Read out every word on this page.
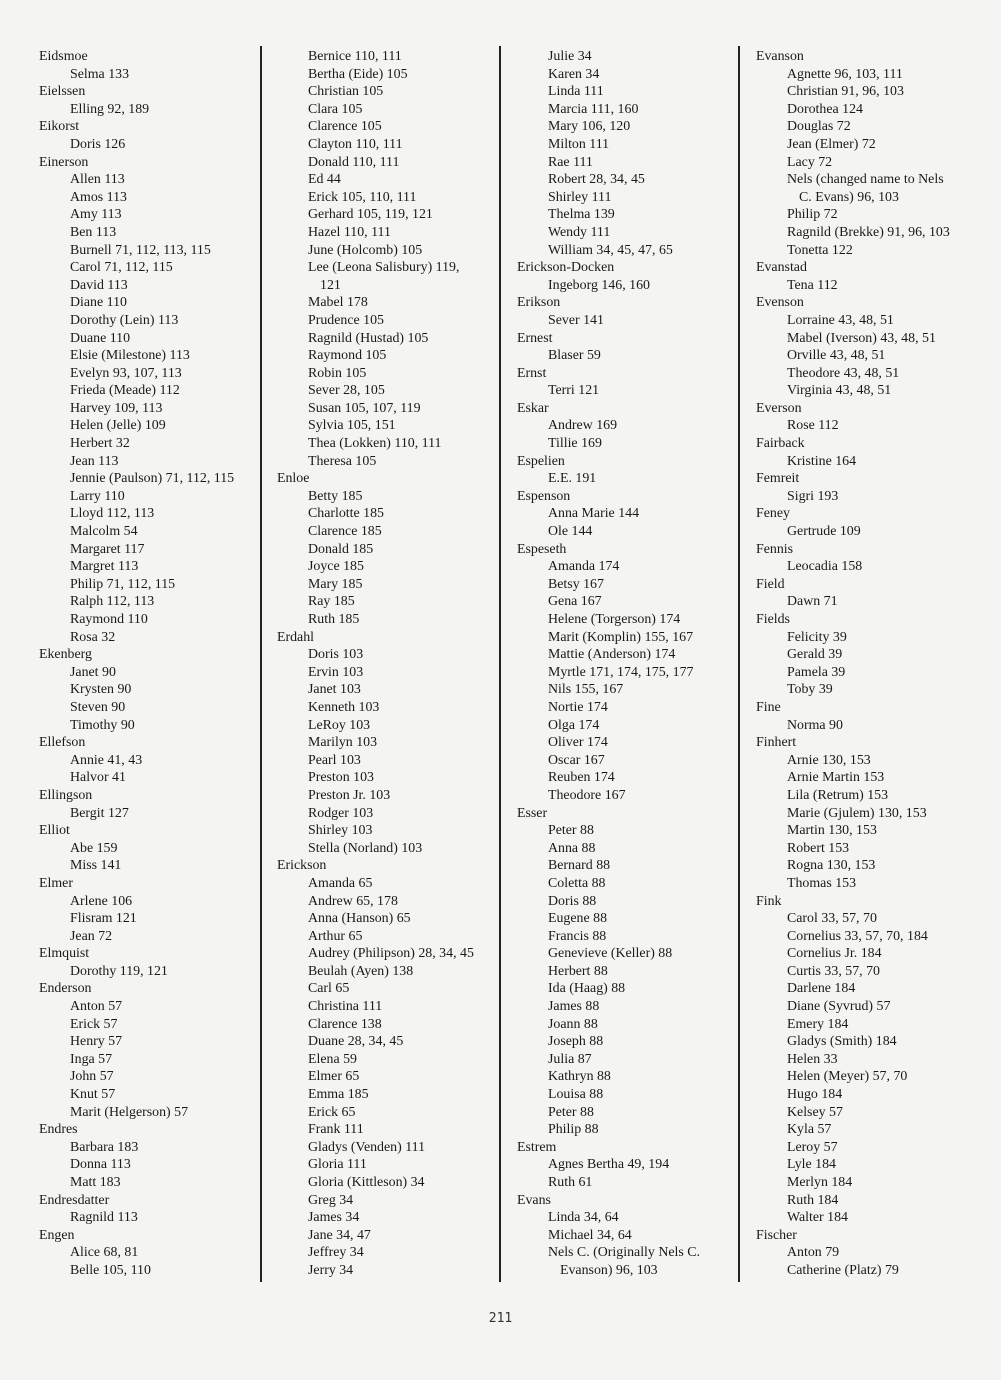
Eidsmoe
Selma 133
Eielssen
Elling 92, 189
Eikorst
Doris 126
Einerson
Allen 113
Amos 113
Amy 113
Ben 113
Burnell 71, 112, 113, 115
Carol 71, 112, 115
David 113
Diane 110
Dorothy (Lein) 113
Duane 110
Elsie (Milestone) 113
Evelyn 93, 107, 113
Frieda (Meade) 112
Harvey 109, 113
Helen (Jelle) 109
Herbert 32
Jean 113
Jennie (Paulson) 71, 112, 115
Larry 110
Lloyd 112, 113
Malcolm 54
Margaret 117
Margret 113
Philip 71, 112, 115
Ralph 112, 113
Raymond 110
Rosa 32
Ekenberg
Janet 90
Krysten 90
Steven 90
Timothy 90
Ellefson
Annie 41, 43
Halvor 41
Ellingson
Bergit 127
Elliot
Abe 159
Miss 141
Elmer
Arlene 106
Flisram 121
Jean 72
Elmquist
Dorothy 119, 121
Enderson
Anton 57
Erick 57
Henry 57
Inga 57
John 57
Knut 57
Marit (Helgerson) 57
Endres
Barbara 183
Donna 113
Matt 183
Endresdatter
Ragnild 113
Engen
Alice 68, 81
Belle 105, 110
Bernice 110, 111
Bertha (Eide) 105
Christian 105
Clara 105
Clarence 105
Clayton 110, 111
Donald 110, 111
Ed 44
Erick 105, 110, 111
Gerhard 105, 119, 121
Hazel 110, 111
June (Holcomb) 105
Lee (Leona Salisbury) 119,
121
Mabel 178
Prudence 105
Ragnild (Hustad) 105
Raymond 105
Robin 105
Sever 28, 105
Susan 105, 107, 119
Sylvia 105, 151
Thea (Lokken) 110, 111
Theresa 105
Enloe
Betty 185
Charlotte 185
Clarence 185
Donald 185
Joyce 185
Mary 185
Ray 185
Ruth 185
Erdahl
Doris 103
Ervin 103
Janet 103
Kenneth 103
LeRoy 103
Marilyn 103
Pearl 103
Preston 103
Preston Jr. 103
Rodger 103
Shirley 103
Stella (Norland) 103
Erickson
Amanda 65
Andrew 65, 178
Anna (Hanson) 65
Arthur 65
Audrey (Philipson) 28, 34, 45
Beulah (Ayen) 138
Carl 65
Christina 111
Clarence 138
Duane 28, 34, 45
Elena 59
Elmer 65
Emma 185
Erick 65
Frank 111
Gladys (Venden) 111
Gloria 111
Gloria (Kittleson) 34
Greg 34
James 34
Jane 34, 47
Jeffrey 34
Jerry 34
Julie 34
Karen 34
Linda 111
Marcia 111, 160
Mary 106, 120
Milton 111
Rae 111
Robert 28, 34, 45
Shirley 111
Thelma 139
Wendy 111
William 34, 45, 47, 65
Erickson-Docken
Ingeborg 146, 160
Erikson
Sever 141
Ernest
Blaser 59
Ernst
Terri 121
Eskar
Andrew 169
Tillie 169
Espelien
E.E. 191
Espenson
Anna Marie 144
Ole 144
Espeseth
Amanda 174
Betsy 167
Gena 167
Helene (Torgerson) 174
Marit (Komplin) 155, 167
Mattie (Anderson) 174
Myrtle 171, 174, 175, 177
Nils 155, 167
Nortie 174
Olga 174
Oliver 174
Oscar 167
Reuben 174
Theodore 167
Esser
Peter 88
Anna 88
Bernard 88
Coletta 88
Doris 88
Eugene 88
Francis 88
Genevieve (Keller) 88
Herbert 88
Ida (Haag) 88
James 88
Joann 88
Joseph 88
Julia 87
Kathryn 88
Louisa 88
Peter 88
Philip 88
Estrem
Agnes Bertha 49, 194
Ruth 61
Evans
Linda 34, 64
Michael 34, 64
Nels C. (Originally Nels C.
Evanson) 96, 103
Evanson
Agnette 96, 103, 111
Christian 91, 96, 103
Dorothea 124
Douglas 72
Jean (Elmer) 72
Lacy 72
Nels (changed name to Nels
C. Evans) 96, 103
Philip 72
Ragnild (Brekke) 91, 96, 103
Tonetta 122
Evanstad
Tena 112
Evenson
Lorraine 43, 48, 51
Mabel (Iverson) 43, 48, 51
Orville 43, 48, 51
Theodore 43, 48, 51
Virginia 43, 48, 51
Everson
Rose 112
Fairback
Kristine 164
Femreit
Sigri 193
Feney
Gertrude 109
Fennis
Leocadia 158
Field
Dawn 71
Fields
Felicity 39
Gerald 39
Pamela 39
Toby 39
Fine
Norma 90
Finhert
Arnie 130, 153
Arnie Martin 153
Lila (Retrum) 153
Marie (Gjulem) 130, 153
Martin 130, 153
Robert 153
Rogna 130, 153
Thomas 153
Fink
Carol 33, 57, 70
Cornelius 33, 57, 70, 184
Cornelius Jr. 184
Curtis 33, 57, 70
Darlene 184
Diane (Syvrud) 57
Emery 184
Gladys (Smith) 184
Helen 33
Helen (Meyer) 57, 70
Hugo 184
Kelsey 57
Kyla 57
Leroy 57
Lyle 184
Merlyn 184
Ruth 184
Walter 184
Fischer
Anton 79
Catherine (Platz) 79
211
